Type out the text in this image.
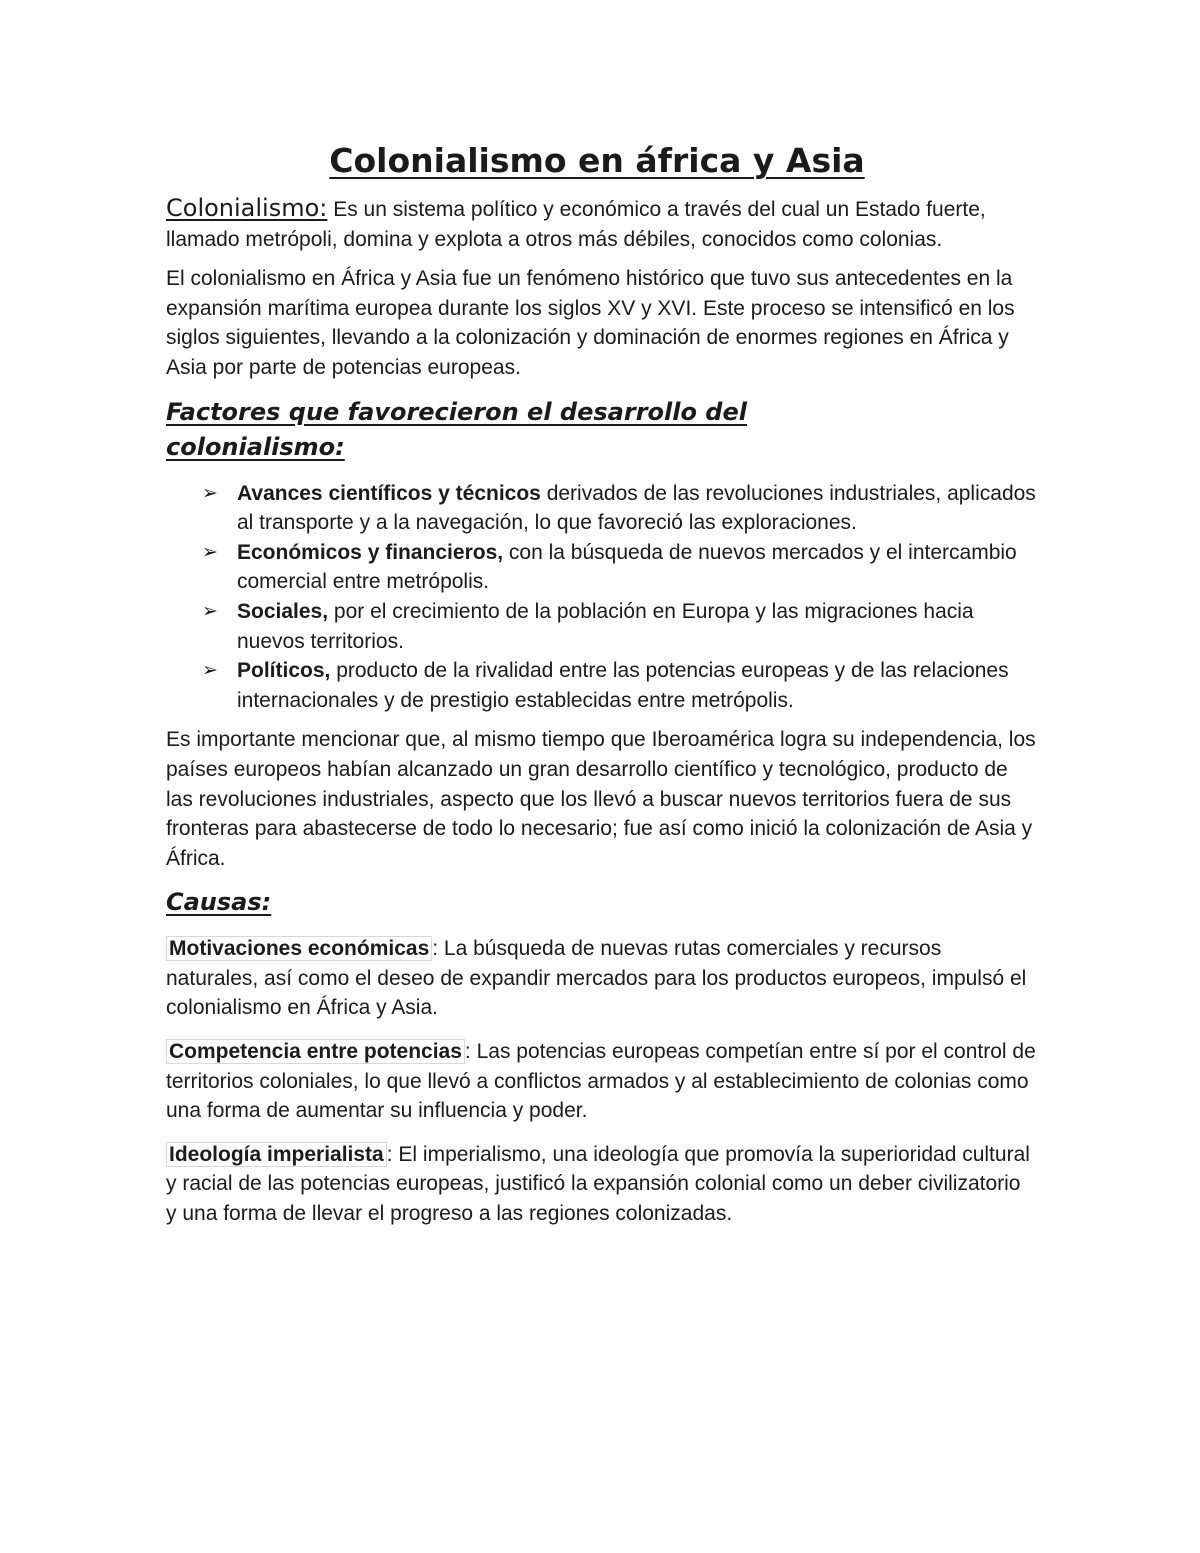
Colonialismo en áfrica y Asia

Colonialismo: Es un sistema político y económico a través del cual un Estado fuerte, llamado metrópoli, domina y explota a otros más débiles, conocidos como colonias.

El colonialismo en África y Asia fue un fenómeno histórico que tuvo sus antecedentes en la expansión marítima europea durante los siglos XV y XVI. Este proceso se intensificó en los siglos siguientes, llevando a la colonización y dominación de enormes regiones en África y Asia por parte de potencias europeas.

Factores que favorecieron el desarrollo del colonialismo:
➢ Avances científicos y técnicos derivados de las revoluciones industriales, aplicados al transporte y a la navegación, lo que favoreció las exploraciones.
➢ Económicos y financieros, con la búsqueda de nuevos mercados y el intercambio comercial entre metrópolis.
➢ Sociales, por el crecimiento de la población en Europa y las migraciones hacia nuevos territorios.
➢ Políticos, producto de la rivalidad entre las potencias europeas y de las relaciones internacionales y de prestigio establecidas entre metrópolis.

Es importante mencionar que, al mismo tiempo que Iberoamérica logra su independencia, los países europeos habían alcanzado un gran desarrollo científico y tecnológico, producto de las revoluciones industriales, aspecto que los llevó a buscar nuevos territorios fuera de sus fronteras para abastecerse de todo lo necesario; fue así como inició la colonización de Asia y África.

Causas:

Motivaciones económicas : La búsqueda de nuevas rutas comerciales y recursos naturales, así como el deseo de expandir mercados para los productos europeos, impulsó el colonialismo en África y Asia.

Competencia entre potencias : Las potencias europeas competían entre sí por el control de territorios coloniales, lo que llevó a conflictos armados y al establecimiento de colonias como una forma de aumentar su influencia y poder.

Ideología imperialista : El imperialismo, una ideología que promovía la superioridad cultural y racial de las potencias europeas, justificó la expansión colonial como un deber civilizatorio y una forma de llevar el progreso a las regiones colonizadas.
